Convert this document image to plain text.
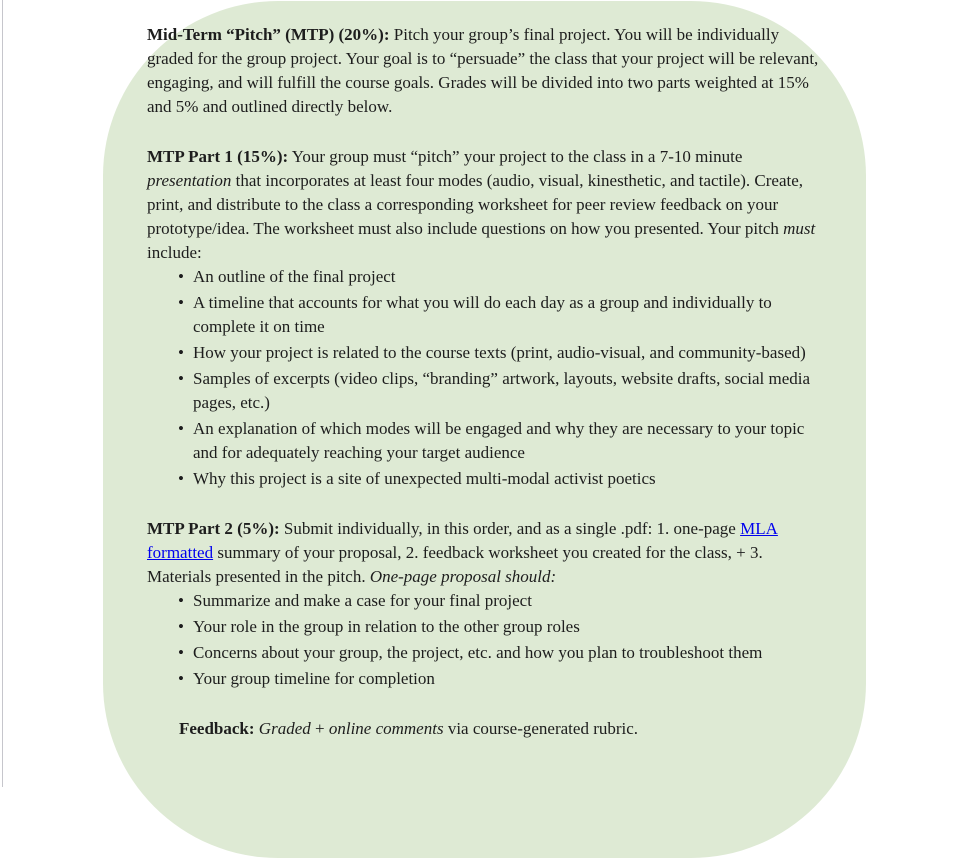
Mid-Term “Pitch” (MTP) (20%): Pitch your group’s final project. You will be individually graded for the group project. Your goal is to “persuade” the class that your project will be relevant, engaging, and will fulfill the course goals. Grades will be divided into two parts weighted at 15% and 5% and outlined directly below.

MTP Part 1 (15%): Your group must “pitch” your project to the class in a 7-10 minute presentation that incorporates at least four modes (audio, visual, kinesthetic, and tactile). Create, print, and distribute to the class a corresponding worksheet for peer review feedback on your prototype/idea. The worksheet must also include questions on how you presented. Your pitch must include:

• An outline of the final project
• A timeline that accounts for what you will do each day as a group and individually to complete it on time
• How your project is related to the course texts (print, audio-visual, and community-based)
• Samples of excerpts (video clips, “branding” artwork, layouts, website drafts, social media pages, etc.)
• An explanation of which modes will be engaged and why they are necessary to your topic and for adequately reaching your target audience
• Why this project is a site of unexpected multi-modal activist poetics

MTP Part 2 (5%): Submit individually, in this order, and as a single .pdf: 1. one-page MLA formatted summary of your proposal, 2. feedback worksheet you created for the class, + 3. Materials presented in the pitch. One-page proposal should:

• Summarize and make a case for your final project
• Your role in the group in relation to the other group roles
• Concerns about your group, the project, etc. and how you plan to troubleshoot them
• Your group timeline for completion

Feedback: Graded + online comments via course-generated rubric.
